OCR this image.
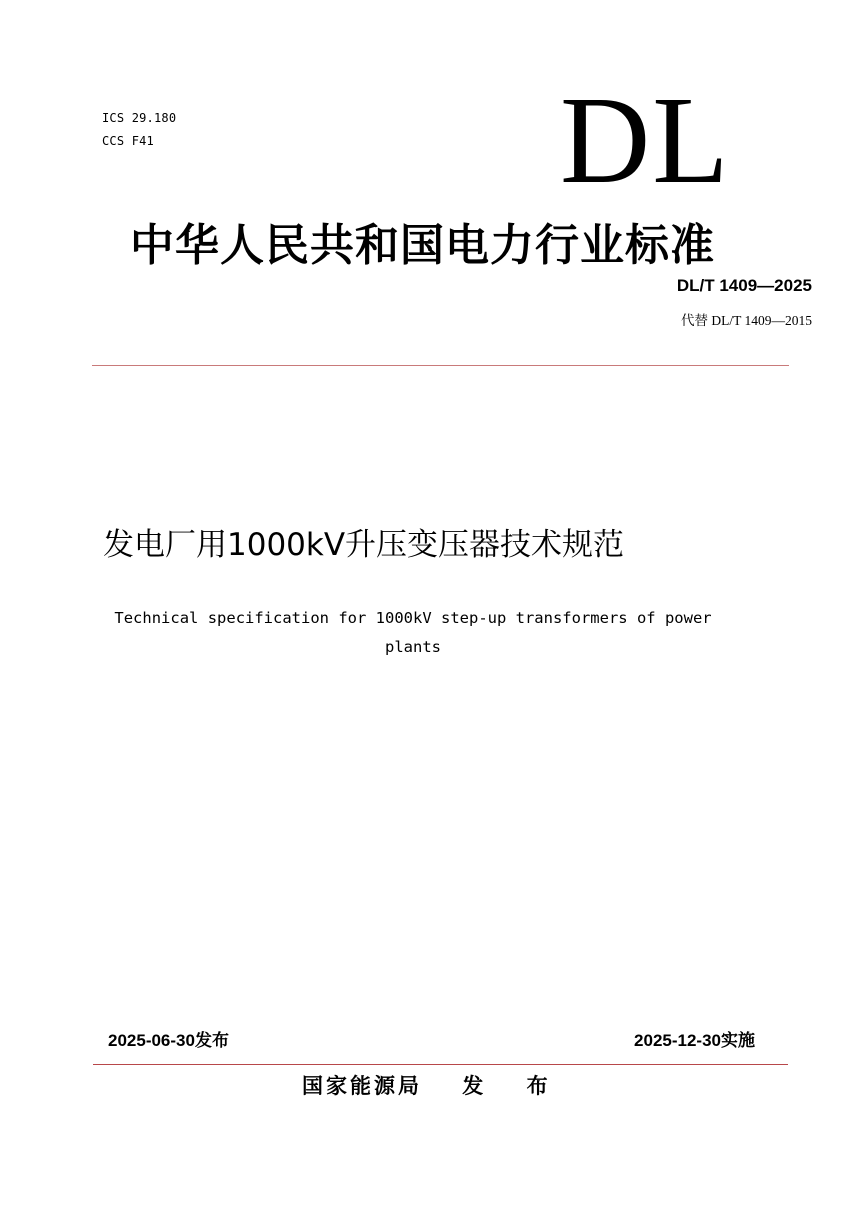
ICS 29.180
CCS F41	DL
中华人民共和国电力行业标准
DL/T 1409—2025
代替 DL/T 1409—2015
发电厂用1000kV升压变压器技术规范
Technical specification for 1000kV step-up transformers of power plants
2025-06-30发布	2025-12-30实施
国家能源局 发 布
